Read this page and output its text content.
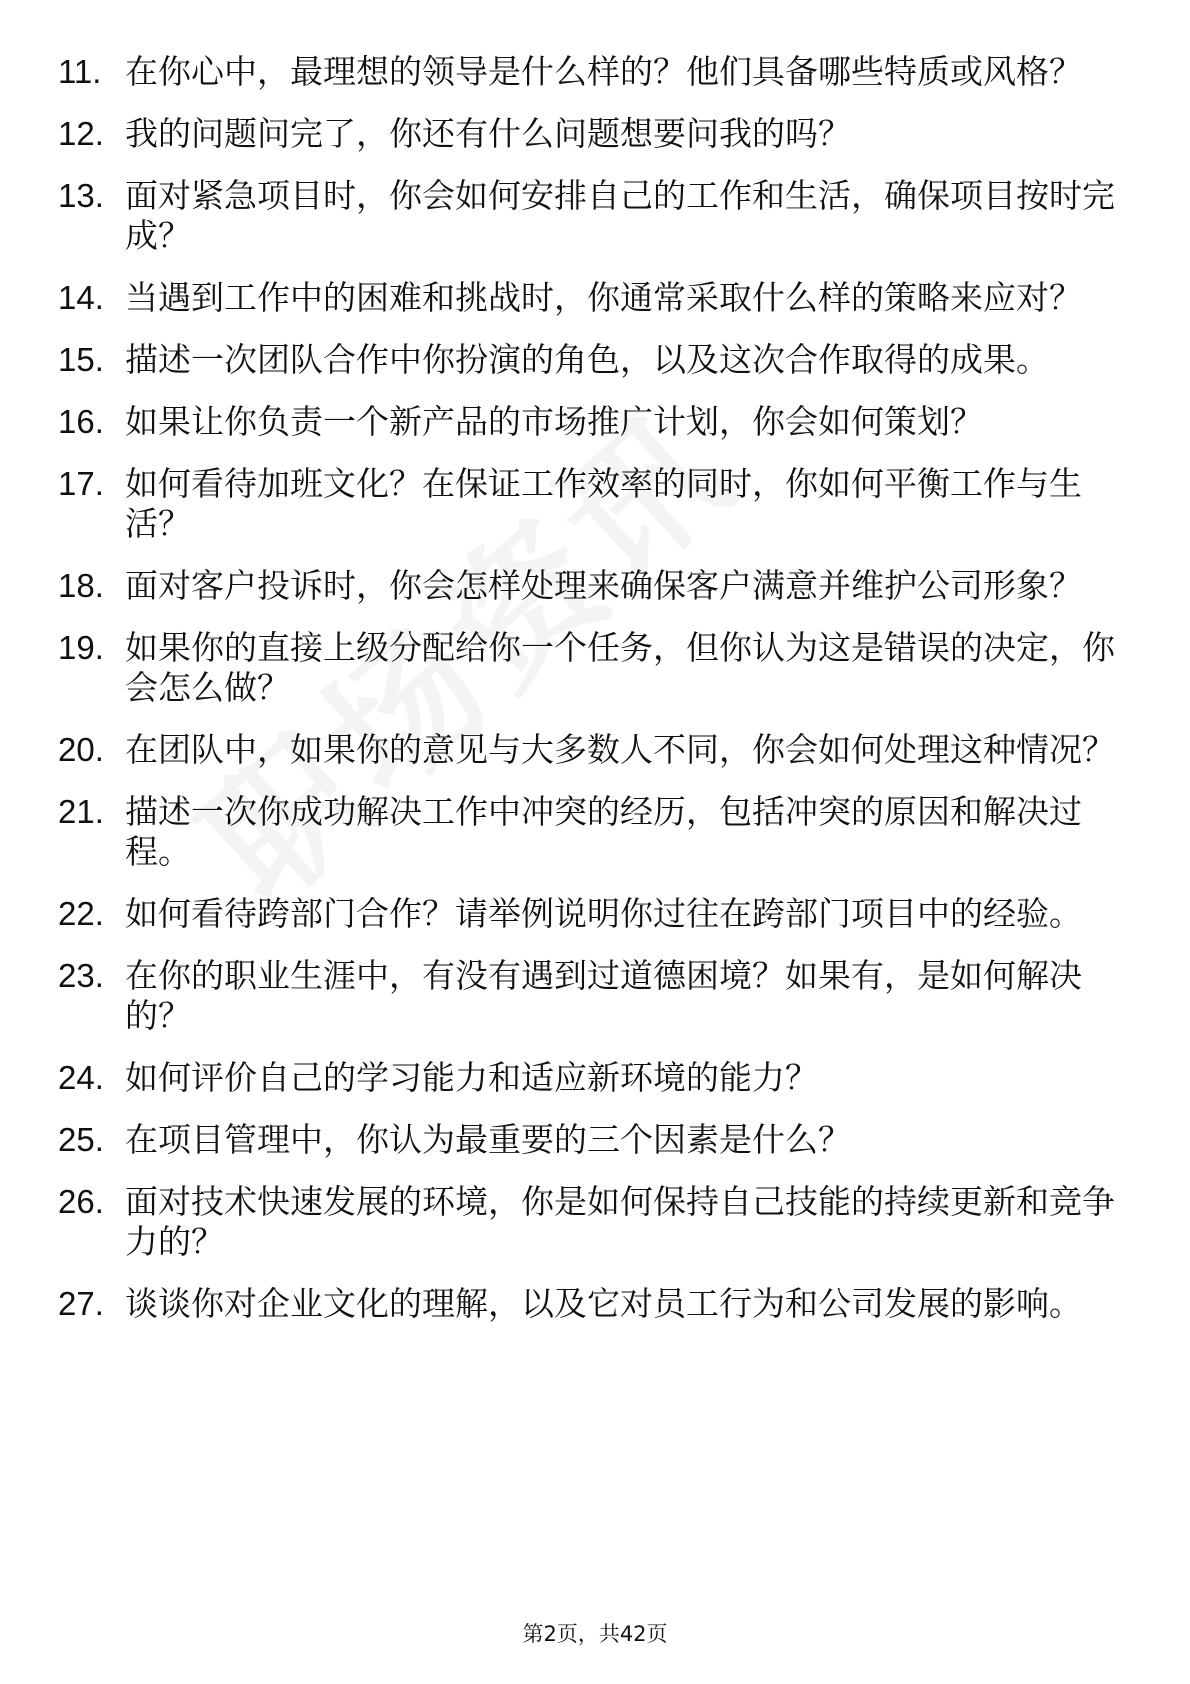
11. 在你心中，最理想的领导是什么样的？他们具备哪些特质或风格？
12. 我的问题问完了，你还有什么问题想要问我的吗？
13. 面对紧急项目时，你会如何安排自己的工作和生活，确保项目按时完成？
14. 当遇到工作中的困难和挑战时，你通常采取什么样的策略来应对？
15. 描述一次团队合作中你扮演的角色，以及这次合作取得的成果。
16. 如果让你负责一个新产品的市场推广计划，你会如何策划？
17. 如何看待加班文化？在保证工作效率的同时，你如何平衡工作与生活？
18. 面对客户投诉时，你会怎样处理来确保客户满意并维护公司形象？
19. 如果你的直接上级分配给你一个任务，但你认为这是错误的决定，你会怎么做？
20. 在团队中，如果你的意见与大多数人不同，你会如何处理这种情况？
21. 描述一次你成功解决工作中冲突的经历，包括冲突的原因和解决过程。
22. 如何看待跨部门合作？请举例说明你过往在跨部门项目中的经验。
23. 在你的职业生涯中，有没有遇到过道德困境？如果有，是如何解决的？
24. 如何评价自己的学习能力和适应新环境的能力？
25. 在项目管理中，你认为最重要的三个因素是什么？
26. 面对技术快速发展的环境，你是如何保持自己技能的持续更新和竞争力的？
27. 谈谈你对企业文化的理解，以及它对员工行为和公司发展的影响。
第2页，共42页
